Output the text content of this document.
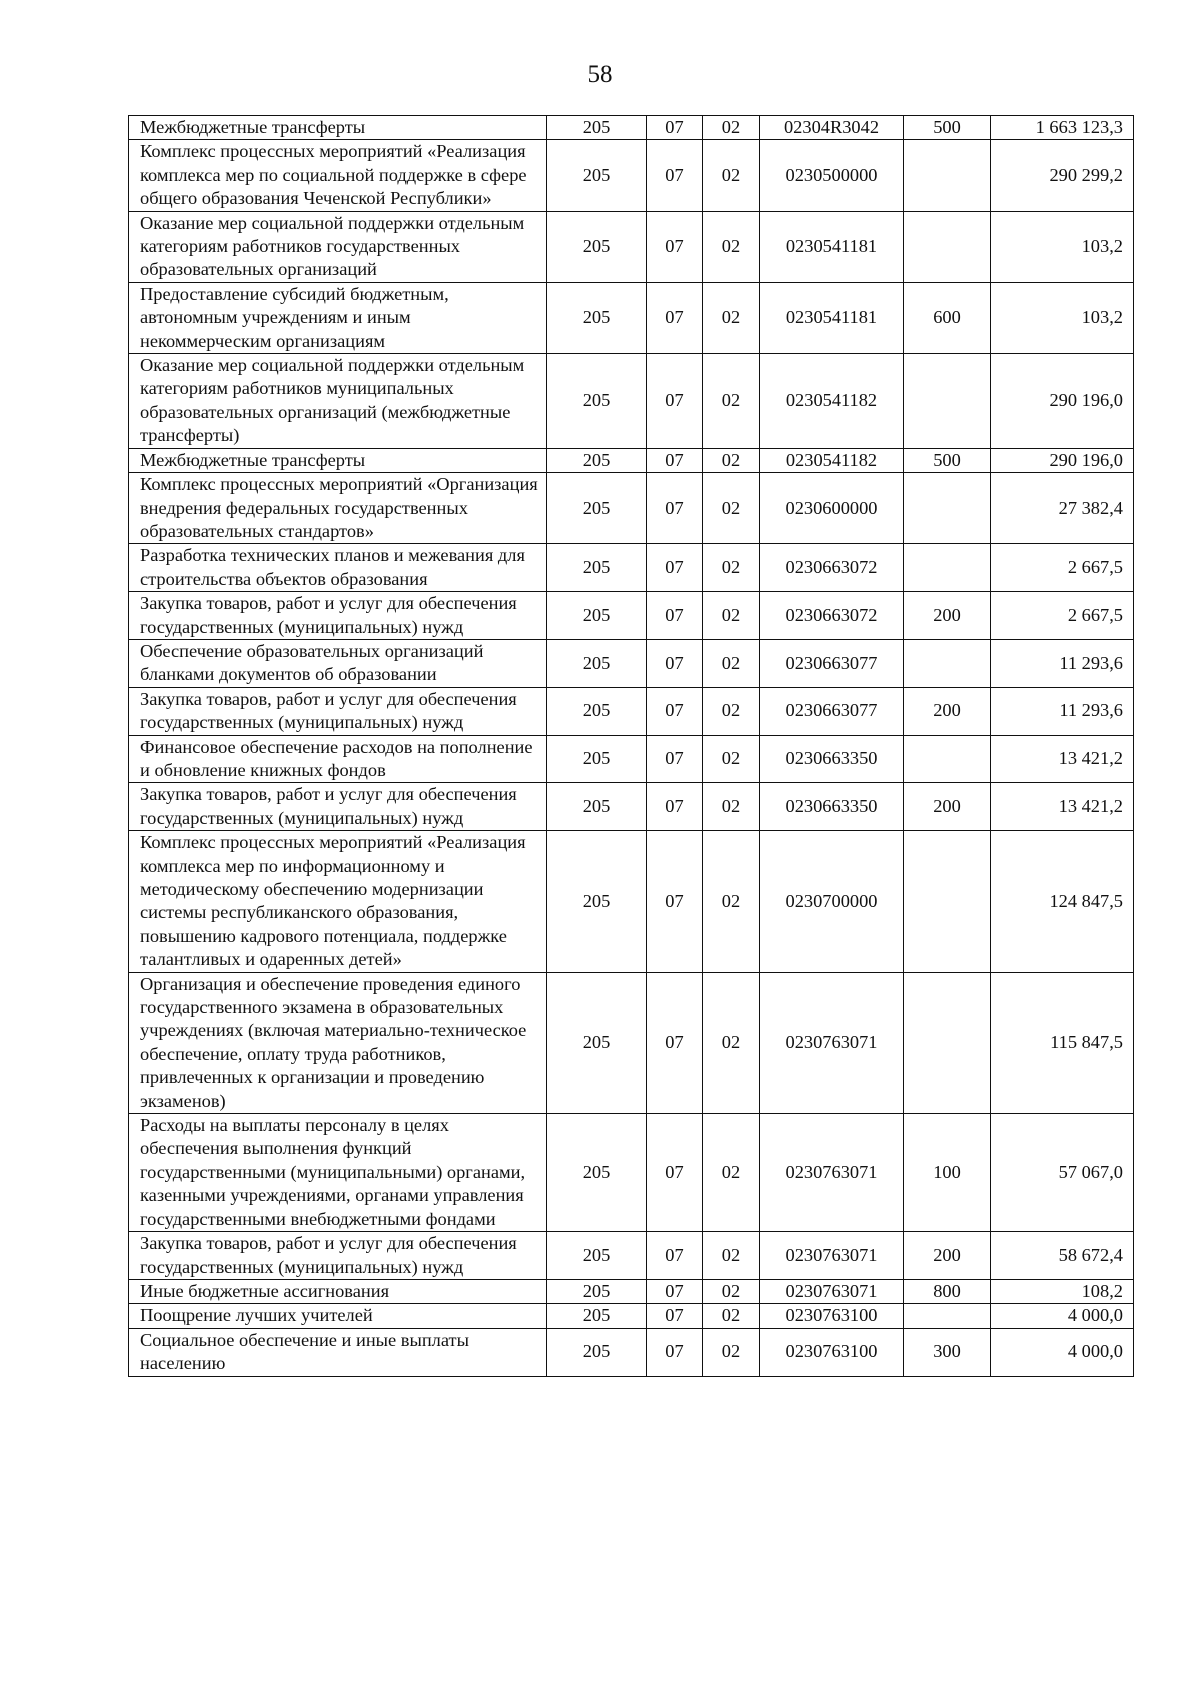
58
Межбюджетные трансферты	205	07	02	02304R3042	500	1 663 123,3
Комплекс процессных мероприятий «Реализация комплекса мер по социальной поддержке в сфере общего образования Чеченской Республики»	205	07	02	0230500000		290 299,2
Оказание мер социальной поддержки отдельным категориям работников государственных образовательных организаций	205	07	02	0230541181		103,2
Предоставление субсидий бюджетным, автономным учреждениям и иным некоммерческим организациям	205	07	02	0230541181	600	103,2
Оказание мер социальной поддержки отдельным категориям работников муниципальных образовательных организаций (межбюджетные трансферты)	205	07	02	0230541182		290 196,0
Межбюджетные трансферты	205	07	02	0230541182	500	290 196,0
Комплекс процессных мероприятий «Организация внедрения федеральных государственных образовательных стандартов»	205	07	02	0230600000		27 382,4
Разработка технических планов и межевания для строительства объектов образования	205	07	02	0230663072		2 667,5
Закупка товаров, работ и услуг для обеспечения государственных (муниципальных) нужд	205	07	02	0230663072	200	2 667,5
Обеспечение образовательных организаций бланками документов об образовании	205	07	02	0230663077		11 293,6
Закупка товаров, работ и услуг для обеспечения государственных (муниципальных) нужд	205	07	02	0230663077	200	11 293,6
Финансовое обеспечение расходов на пополнение и обновление книжных фондов	205	07	02	0230663350		13 421,2
Закупка товаров, работ и услуг для обеспечения государственных (муниципальных) нужд	205	07	02	0230663350	200	13 421,2
Комплекс процессных мероприятий «Реализация комплекса мер по информационному и методическому обеспечению модернизации системы республиканского образования, повышению кадрового потенциала, поддержке талантливых и одаренных детей»	205	07	02	0230700000		124 847,5
Организация и обеспечение проведения единого государственного экзамена в образовательных учреждениях (включая материально-техническое обеспечение, оплату труда работников, привлеченных к организации и проведению экзаменов)	205	07	02	0230763071		115 847,5
Расходы на выплаты персоналу в целях обеспечения выполнения функций государственными (муниципальными) органами, казенными учреждениями, органами управления государственными внебюджетными фондами	205	07	02	0230763071	100	57 067,0
Закупка товаров, работ и услуг для обеспечения государственных (муниципальных) нужд	205	07	02	0230763071	200	58 672,4
Иные бюджетные ассигнования	205	07	02	0230763071	800	108,2
Поощрение лучших учителей	205	07	02	0230763100		4 000,0
Социальное обеспечение и иные выплаты населению	205	07	02	0230763100	300	4 000,0
